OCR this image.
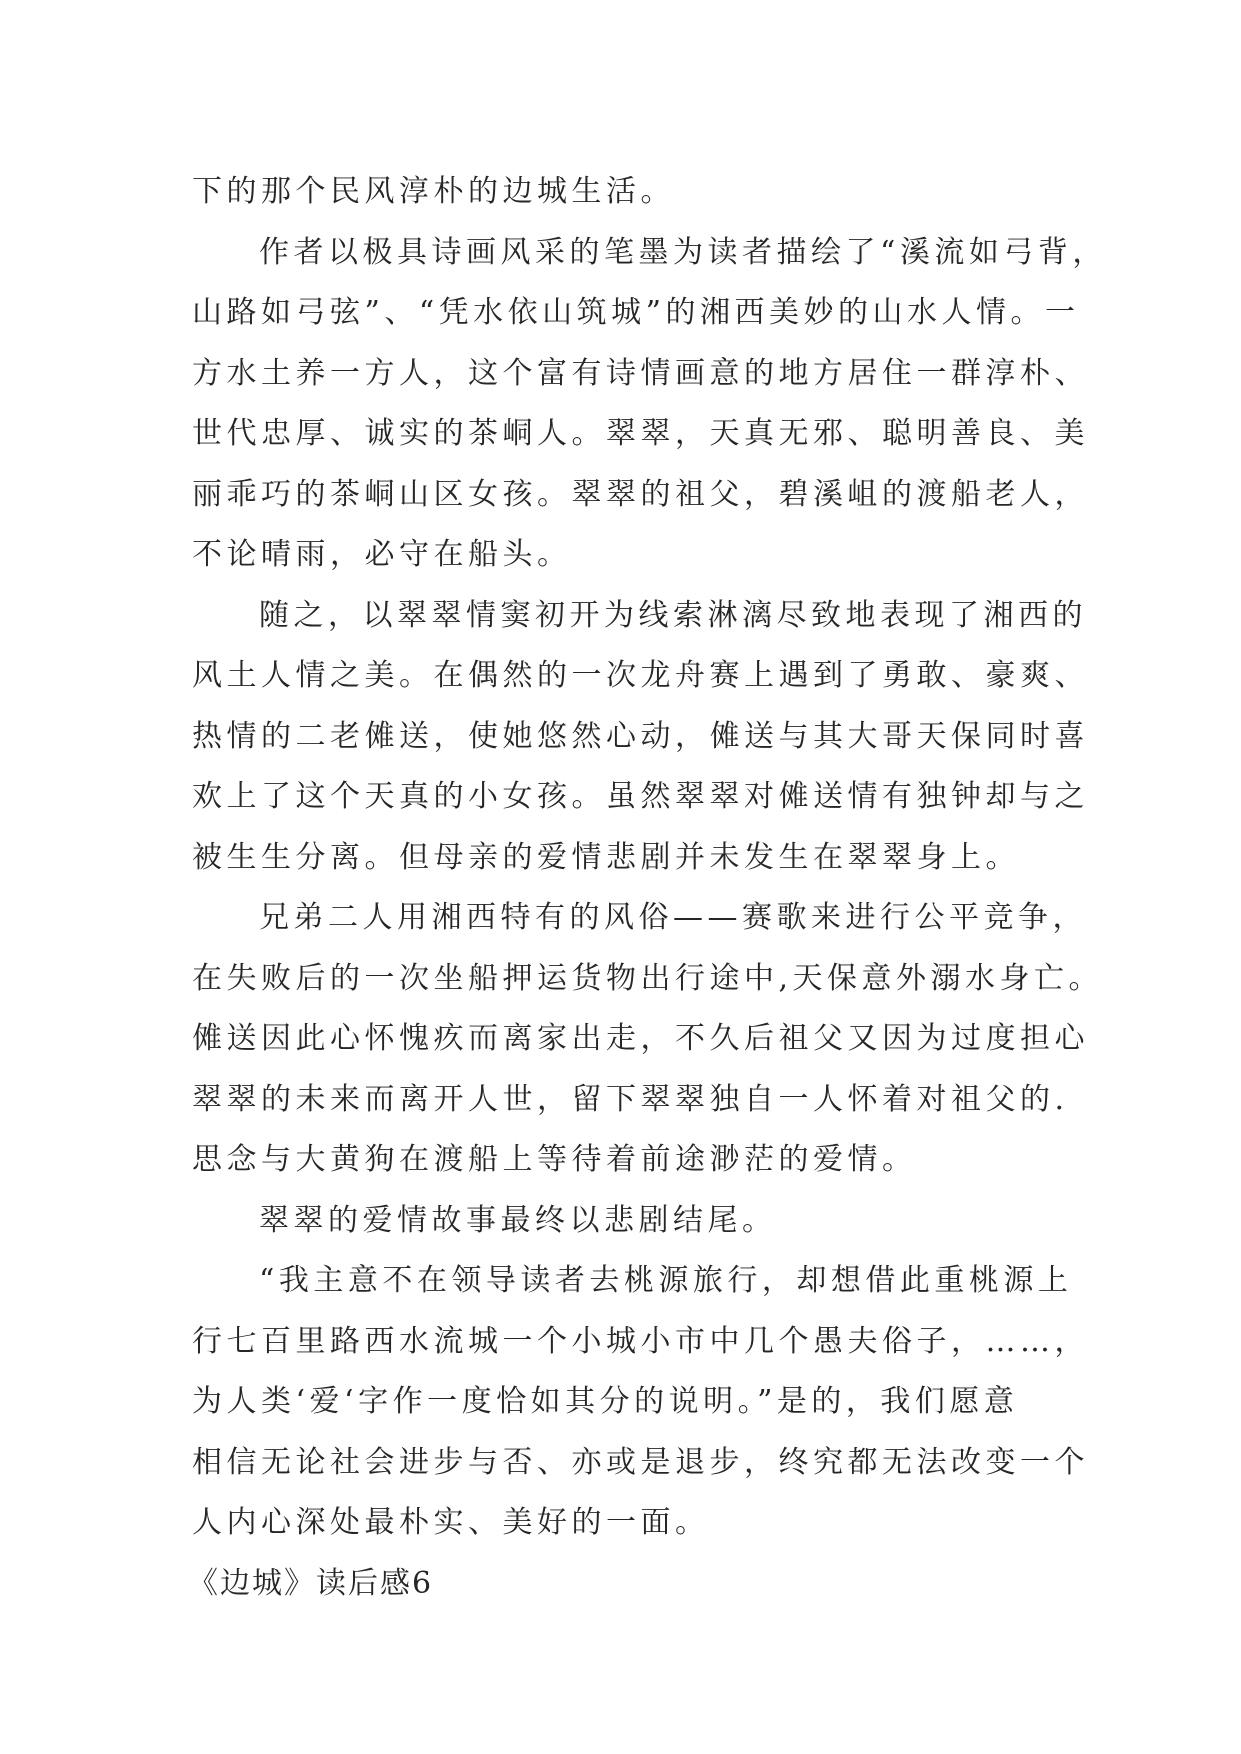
下的那个民风淳朴的边城生活。
作者以极具诗画风采的笔墨为读者描绘了“溪流如弓背，
山路如弓弦”、“凭水依山筑城”的湘西美妙的山水人情。一
方水土养一方人，这个富有诗情画意的地方居住一群淳朴、
世代忠厚、诚实的茶峒人。翠翠，天真无邪、聪明善良、美
丽乖巧的茶峒山区女孩。翠翠的祖父，碧溪岨的渡船老人，
不论晴雨，必守在船头。
随之，以翠翠情窦初开为线索淋漓尽致地表现了湘西的
风土人情之美。在偶然的一次龙舟赛上遇到了勇敢、豪爽、
热情的二老傩送，使她悠然心动，傩送与其大哥天保同时喜
欢上了这个天真的小女孩。虽然翠翠对傩送情有独钟却与之
被生生分离。但母亲的爱情悲剧并未发生在翠翠身上。
兄弟二人用湘西特有的风俗——赛歌来进行公平竞争，
在失败后的一次坐船押运货物出行途中,天保意外溺水身亡。
傩送因此心怀愧疚而离家出走，不久后祖父又因为过度担心
翠翠的未来而离开人世，留下翠翠独自一人怀着对祖父的.
思念与大黄狗在渡船上等待着前途渺茫的爱情。
翠翠的爱情故事最终以悲剧结尾。
“我主意不在领导读者去桃源旅行，却想借此重桃源上
行七百里路西水流城一个小城小市中几个愚夫俗子，……，
为人类‘爱‘字作一度恰如其分的说明。”是的，我们愿意
相信无论社会进步与否、亦或是退步，终究都无法改变一个
人内心深处最朴实、美好的一面。
《边城》读后感6
